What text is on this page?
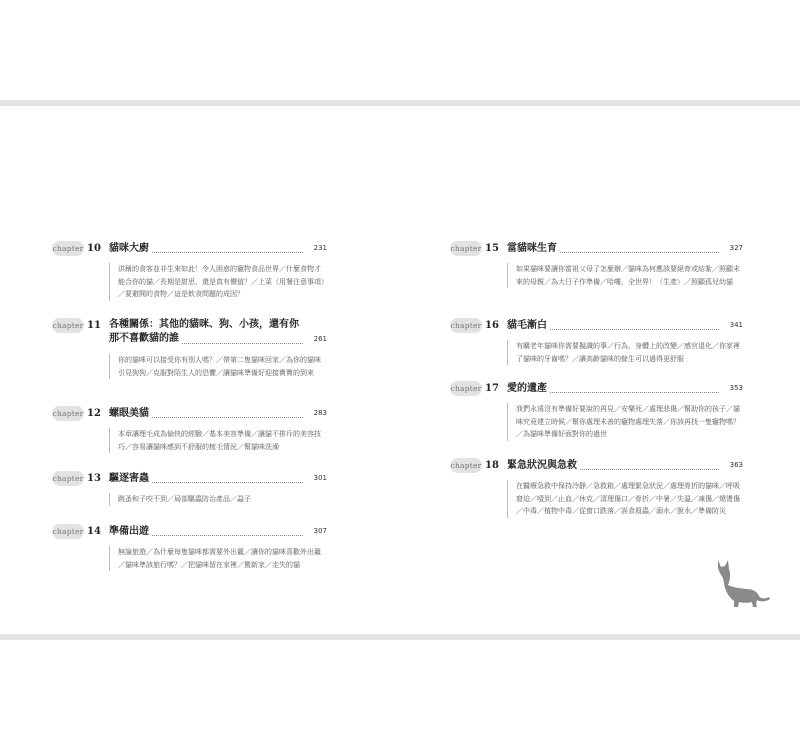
chapter 10 貓咪大廚	231
洪稱的食客並非生來如此！令人困惑的寵物食品世界／什麼食物才能合你的貓／長期是甜思，還是真有價值？／上菜（用餐注意事項）／要避開的食物／這是飲食問題的成因？
chapter 11 各種關係：其他的貓咪、狗、小孩，還有你那不喜歡貓的誰	261
你的貓咪可以接受你有別人嗎？／帶第二隻貓咪回家／為你的貓咪引見狗狗／克服對陌生人的恐懼／讓貓咪準備好迎接寶寶的到來
chapter 12 螺眼美貓	283
本章讓理毛成為愉快的經驗／基本美容準備／讓貓不排斥的美容技巧／容易讓貓咪感到不舒服的梳毛情況／幫貓咪洗澡
chapter 13 驅逐害蟲	301
跳蚤和子咬不到／局部驅蟲防治產品／蝨子
chapter 14 準備出遊	307
無論旅遊／為什麼每隻貓咪都需要外出籠／讓你的貓咪喜歡外出籠／貓咪準該旅行嗎？／把貓咪留在家裡／搬新家／走失的貓
chapter 15 當貓咪生育	327
如果貓咪要讓你當祖父母了怎麼辦／貓咪為何應該要絕育或結紮／照顧未來的母親／為大日子作準備／哈囉，全世界！（生產）／照顧孤兒幼貓
chapter 16 貓毛漸白	341
有關老年貓咪你需要擬識的事／行為，身體上的改變／感官退化／你家裡了貓咪的牙齒嗎？／讓高齡貓咪的餘生可以過得更舒服
chapter 17 愛的遺產	353
我們永遠沒有準備好要說的再見／安樂死／處理悲傷／幫助你的孩子／貓咪究竟建立時候／幫你處理未善的寵物處理失落／你該再找一隻寵物嗎？／為貓咪準備好面對你的過世
chapter 18 緊急狀況與急救	363
在醫療急救中保持冷靜／急救箱／處理緊急狀況／處理骨折的貓咪／呼吸窘迫／噎到／止血／休克／清理傷口／骨折／中暑／失溫／凍傷／燒燙傷／中毒／植物中毒／從窗口跌落／誤食殺蟲／溺水／脫水／準備防災
